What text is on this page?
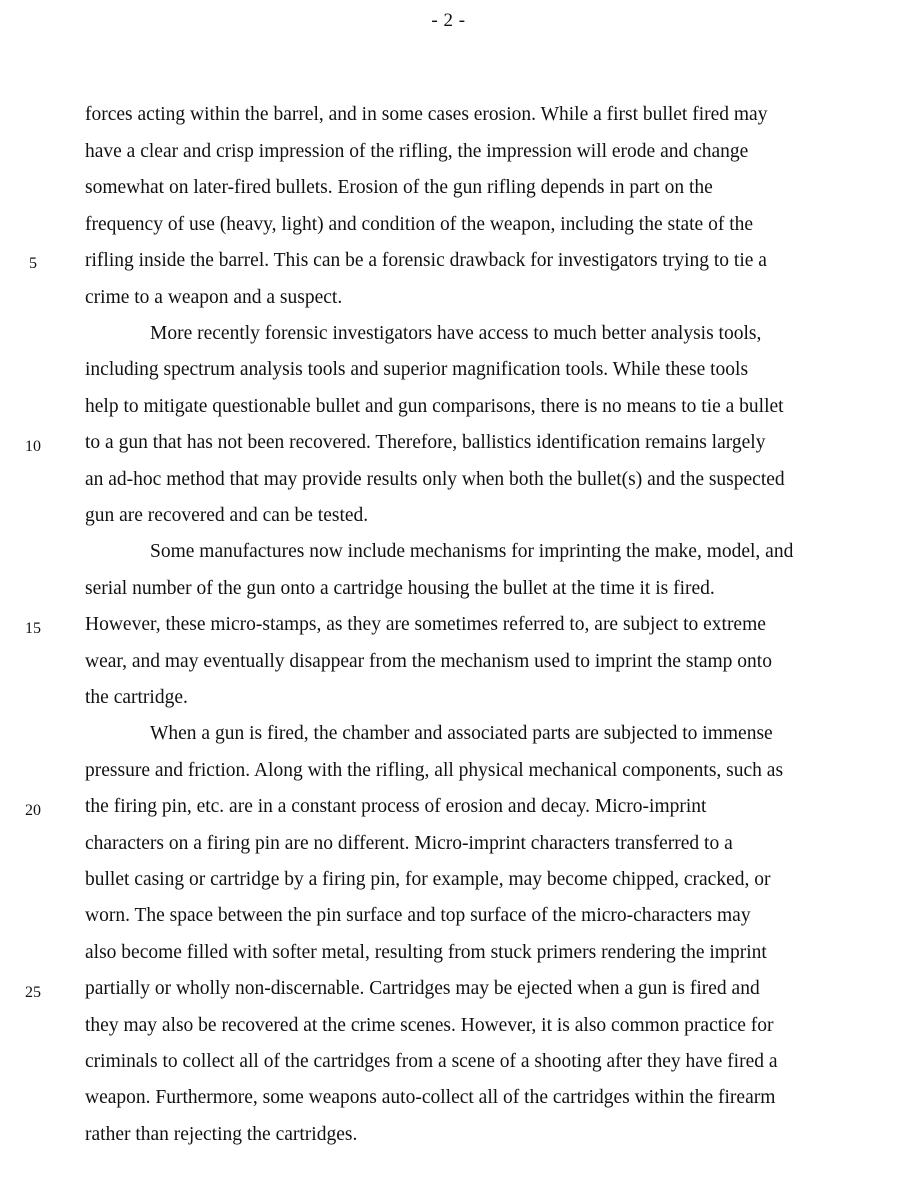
- 2 -
5
10
15
20
25
forces acting within the barrel, and in some cases erosion. While a first bullet fired may
have a clear and crisp impression of the rifling, the impression will erode and change
somewhat on later-fired bullets. Erosion of the gun rifling depends in part on the
frequency of use (heavy, light) and condition of the weapon, including the state of the
rifling inside the barrel. This can be a forensic drawback for investigators trying to tie a
crime to a weapon and a suspect.
More recently forensic investigators have access to much better analysis tools,
including spectrum analysis tools and superior magnification tools. While these tools
help to mitigate questionable bullet and gun comparisons, there is no means to tie a bullet
to a gun that has not been recovered. Therefore, ballistics identification remains largely
an ad-hoc method that may provide results only when both the bullet(s) and the suspected
gun are recovered and can be tested.
Some manufactures now include mechanisms for imprinting the make, model, and
serial number of the gun onto a cartridge housing the bullet at the time it is fired.
However, these micro-stamps, as they are sometimes referred to, are subject to extreme
wear, and may eventually disappear from the mechanism used to imprint the stamp onto
the cartridge.
When a gun is fired, the chamber and associated parts are subjected to immense
pressure and friction. Along with the rifling, all physical mechanical components, such as
the firing pin, etc. are in a constant process of erosion and decay. Micro-imprint
characters on a firing pin are no different. Micro-imprint characters transferred to a
bullet casing or cartridge by a firing pin, for example, may become chipped, cracked, or
worn. The space between the pin surface and top surface of the micro-characters may
also become filled with softer metal, resulting from stuck primers rendering the imprint
partially or wholly non-discernable. Cartridges may be ejected when a gun is fired and
they may also be recovered at the crime scenes. However, it is also common practice for
criminals to collect all of the cartridges from a scene of a shooting after they have fired a
weapon. Furthermore, some weapons auto-collect all of the cartridges within the firearm
rather than rejecting the cartridges.
